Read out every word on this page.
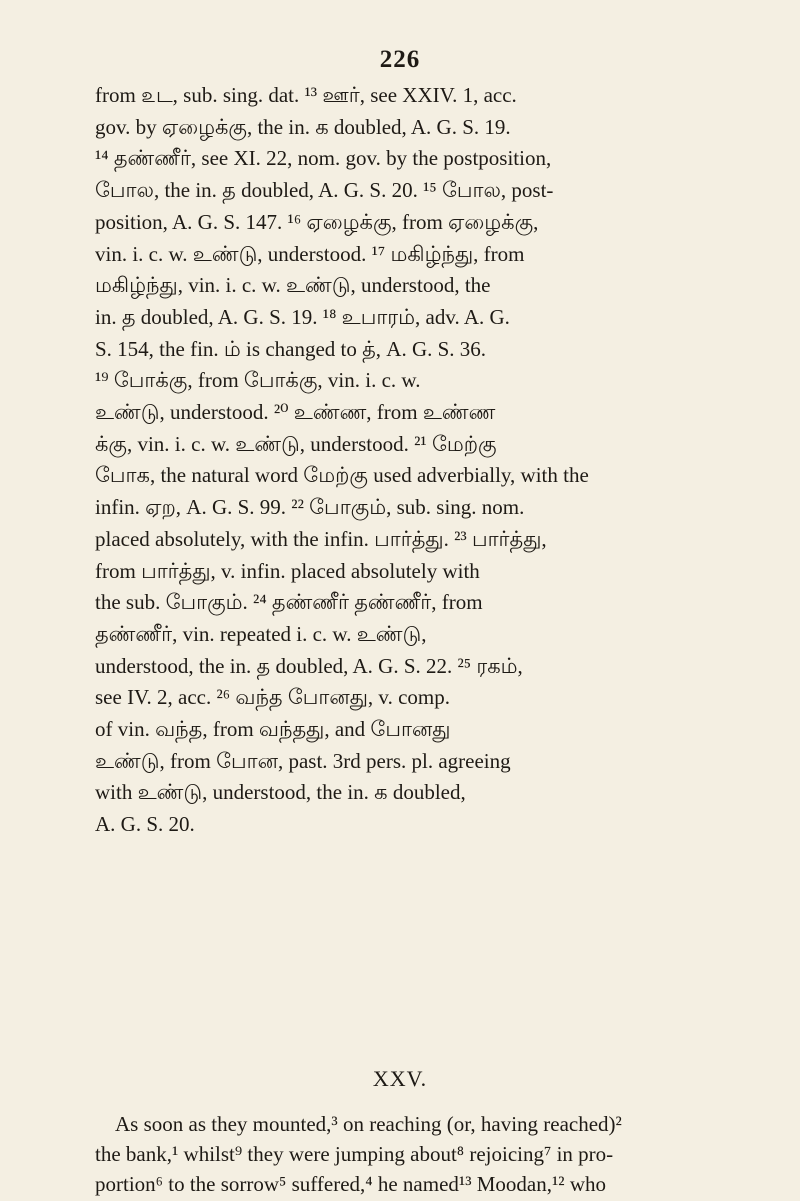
226
from ௨ட, sub. sing. dat. ¹³ ஊர், see XXIV. 1, acc.
gov. by ஏழைக்கு, the in. க doubled, A. G. S. 19.
¹⁴ தண்ணீர், see XI. 22, nom. gov. by the postposition,
போல, the in. த doubled, A. G. S. 20. ¹⁵ போல, post-
position, A. G. S. 147. ¹⁶ ஏழைக்கு, from ஏழைக்கு,
vin. i. c. w. உண்டு, understood. ¹⁷ மகிழ்ந்து, from
மகிழ்ந்து, vin. i. c. w. உண்டு, understood, the
in. த doubled, A. G. S. 19. ¹⁸ உபாரம், adv. A. G.
S. 154, the fin. ம் is changed to த், A. G. S. 36.
¹⁹ போக்கு, from போக்கு, vin. i. c. w.
உண்டு, understood. ²⁰ உண்ண, from உண்ண
க்கு, vin. i. c. w. உண்டு, understood. ²¹ மேற்கு
போக, the natural word மேற்கு used adverbially, with the
infin. ஏற, A. G. S. 99. ²² போகும், sub. sing. nom.
placed absolutely, with the infin. பார்த்து. ²³ பார்த்து,
from பார்த்து, v. infin. placed absolutely with
the sub. போகும். ²⁴ தண்ணீர் தண்ணீர், from
தண்ணீர், vin. repeated i. c. w. உண்டு,
understood, the in. த doubled, A. G. S. 22. ²⁵ ரகம்,
see IV. 2, acc. ²⁶ வந்த போனது, v. comp.
of vin. வந்த, from வந்தது, and போனது
உண்டு, from போன, past. 3rd pers. pl. agreeing
with உண்டு, understood, the in. க doubled,
A. G. S. 20.
XXV.
As soon as they mounted,³ on reaching (or, having reached)²
the bank,¹ whilst⁹ they were jumping about⁸ rejoicing⁷ in pro-
portion⁶ to the sorrow⁵ suffered,⁴ he named¹³ Moodan,¹² who
